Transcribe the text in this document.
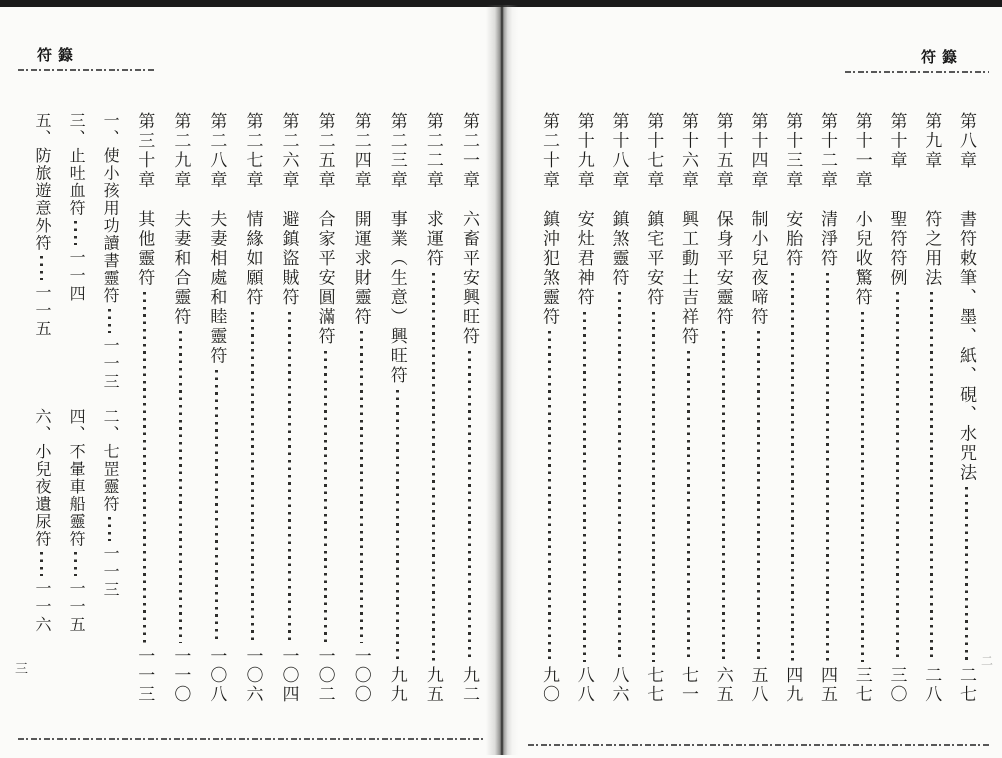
符籙
第二一章
六畜平安興旺符
九二
第二二章
求運符
九五
第二三章
事業（生意）興旺符
九九
第二四章
開運求財靈符
一〇〇
第二五章
合家平安圓滿符
一〇二
第二六章
避鎮盜賊符
一〇四
第二七章
情緣如願符
一〇六
第二八章
夫妻相處和睦靈符
一〇八
第二九章
夫妻和合靈符
一一〇
第三十章
其他靈符
一一三
一、使小孩用功讀書靈符
一一三
二、七罡靈符
一一三
三、止吐血符
一一四
四、不暈車船靈符
一一五
五、防旅遊意外符
一一五
六、小兒夜遺尿符
一一六
三
符籙
第八章
書符敕筆、墨、紙、硯、水咒法
二七
第九章
符之用法
二八
第十章
聖符符例
三〇
第十一章
小兒收驚符
三七
第十二章
清淨符
四五
第十三章
安胎符
四九
第十四章
制小兒夜啼符
五八
第十五章
保身平安靈符
六五
第十六章
興工動土吉祥符
七一
第十七章
鎮宅平安符
七七
第十八章
鎮煞靈符
八六
第十九章
安灶君神符
八八
第二十章
鎮沖犯煞靈符
九〇
二
